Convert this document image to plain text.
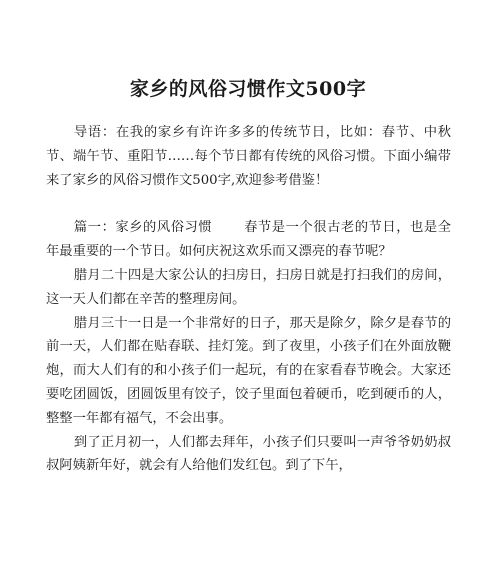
家乡的风俗习惯作文500字

导语：在我的家乡有许许多多的传统节日，比如：春节、中秋节、端午节、重阳节……每个节日都有传统的风俗习惯。下面小编带来了家乡的风俗习惯作文500字,欢迎参考借鉴！

篇一：家乡的风俗习惯 春节是一个很古老的节日，也是全年最重要的一个节日。如何庆祝这欢乐而又漂亮的春节呢？

腊月二十四是大家公认的扫房日，扫房日就是打扫我们的房间，这一天人们都在辛苦的整理房间。

腊月三十一日是一个非常好的日子，那天是除夕，除夕是春节的前一天，人们都在贴春联、挂灯笼。到了夜里，小孩子们在外面放鞭炮，而大人们有的和小孩子们一起玩，有的在家看春节晚会。大家还要吃团圆饭，团圆饭里有饺子，饺子里面包着硬币，吃到硬币的人，整整一年都有福气，不会出事。

到了正月初一，人们都去拜年，小孩子们只要叫一声爷爷奶奶叔叔阿姨新年好，就会有人给他们发红包。到了下午，
